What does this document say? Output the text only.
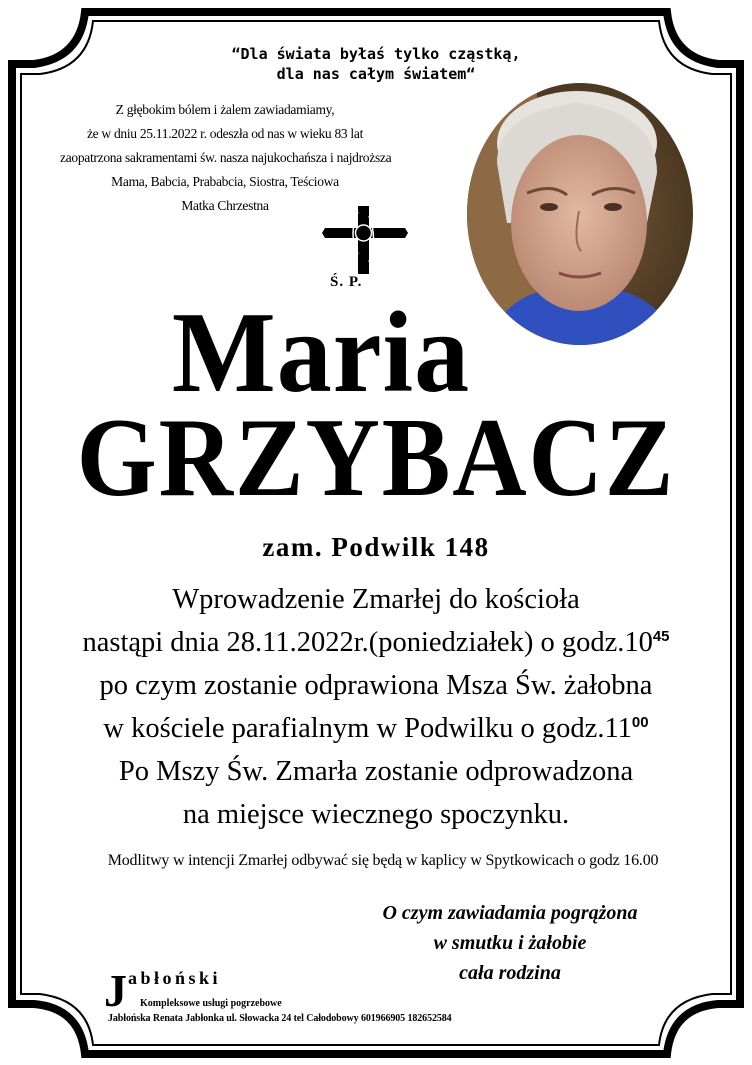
“Dla świata byłaś tylko cząstką,
dla nas całym światem“
Z głębokim bólem i żalem zawiadamiamy,
że w dniu 25.11.2022 r. odeszła od nas w wieku 83 lat
zaopatrzona sakramentami św. nasza najukochańsza i najdroższa
Mama, Babcia, Prababcia, Siostra, Teściowa
Matka Chrzestna
Ś. P.
Maria
GRZYBACZ
zam. Podwilk 148
Wprowadzenie Zmarłej do kościoła
nastąpi dnia 28.11.2022r.(poniedziałek) o $godz.10^{45}$
po czym zostanie odprawiona Msza Św. żałobna
w kościele parafialnym w Podwilku o $godz.11^{00}$
Po Mszy Św. Zmarła zostanie odprowadzona
na miejsce wiecznego spoczynku.
Modlitwy w intencji Zmarłej odbywać się będą w kaplicy w Spytkowicach o godz 16.00
O czym zawiadamia pogrążona
w smutku i żałobie
cała rodzina
J abłoński
Kompleksowe usługi pogrzebowe
Jabłońska Renata Jabłonka ul. Słowacka 24 tel Całodobowy 601966905 182652584
